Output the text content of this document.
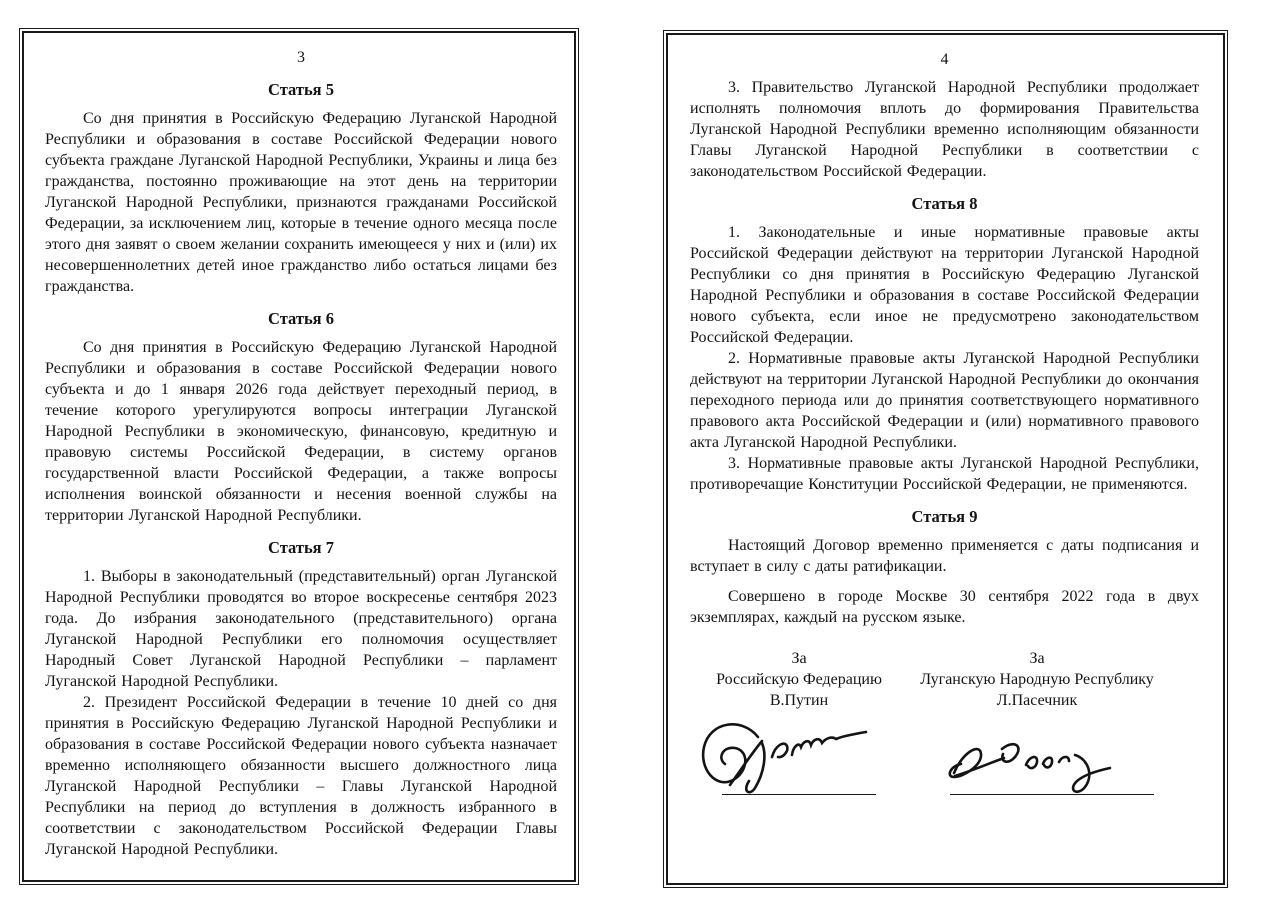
3
Статья 5

Со дня принятия в Российскую Федерацию Луганской Народной Республики и образования в составе Российской Федерации нового субъекта граждане Луганской Народной Республики, Украины и лица без гражданства, постоянно проживающие на этот день на территории Луганской Народной Республики, признаются гражданами Российской Федерации, за исключением лиц, которые в течение одного месяца после этого дня заявят о своем желании сохранить имеющееся у них и (или) их несовершеннолетних детей иное гражданство либо остаться лицами без гражданства.

Статья 6

Со дня принятия в Российскую Федерацию Луганской Народной Республики и образования в составе Российской Федерации нового субъекта и до 1 января 2026 года действует переходный период, в течение которого урегулируются вопросы интеграции Луганской Народной Республики в экономическую, финансовую, кредитную и правовую системы Российской Федерации, в систему органов государственной власти Российской Федерации, а также вопросы исполнения воинской обязанности и несения военной службы на территории Луганской Народной Республики.

Статья 7

1. Выборы в законодательный (представительный) орган Луганской Народной Республики проводятся во второе воскресенье сентября 2023 года. До избрания законодательного (представительного) органа Луганской Народной Республики его полномочия осуществляет Народный Совет Луганской Народной Республики – парламент Луганской Народной Республики.

2. Президент Российской Федерации в течение 10 дней со дня принятия в Российскую Федерацию Луганской Народной Республики и образования в составе Российской Федерации нового субъекта назначает временно исполняющего обязанности высшего должностного лица Луганской Народной Республики – Главы Луганской Народной Республики на период до вступления в должность избранного в соответствии с законодательством Российской Федерации Главы Луганской Народной Республики.

4

3. Правительство Луганской Народной Республики продолжает исполнять полномочия вплоть до формирования Правительства Луганской Народной Республики временно исполняющим обязанности Главы Луганской Народной Республики в соответствии с законодательством Российской Федерации.

Статья 8

1. Законодательные и иные нормативные правовые акты Российской Федерации действуют на территории Луганской Народной Республики со дня принятия в Российскую Федерацию Луганской Народной Республики и образования в составе Российской Федерации нового субъекта, если иное не предусмотрено законодательством Российской Федерации.

2. Нормативные правовые акты Луганской Народной Республики действуют на территории Луганской Народной Республики до окончания переходного периода или до принятия соответствующего нормативного правового акта Российской Федерации и (или) нормативного правового акта Луганской Народной Республики.

3. Нормативные правовые акты Луганской Народной Республики, противоречащие Конституции Российской Федерации, не применяются.

Статья 9

Настоящий Договор временно применяется с даты подписания и вступает в силу с даты ратификации.

Совершено в городе Москве 30 сентября 2022 года в двух экземплярах, каждый на русском языке.

За
Российскую Федерацию
В.Путин
За
Луганскую Народную Республику
Л.Пасечник
